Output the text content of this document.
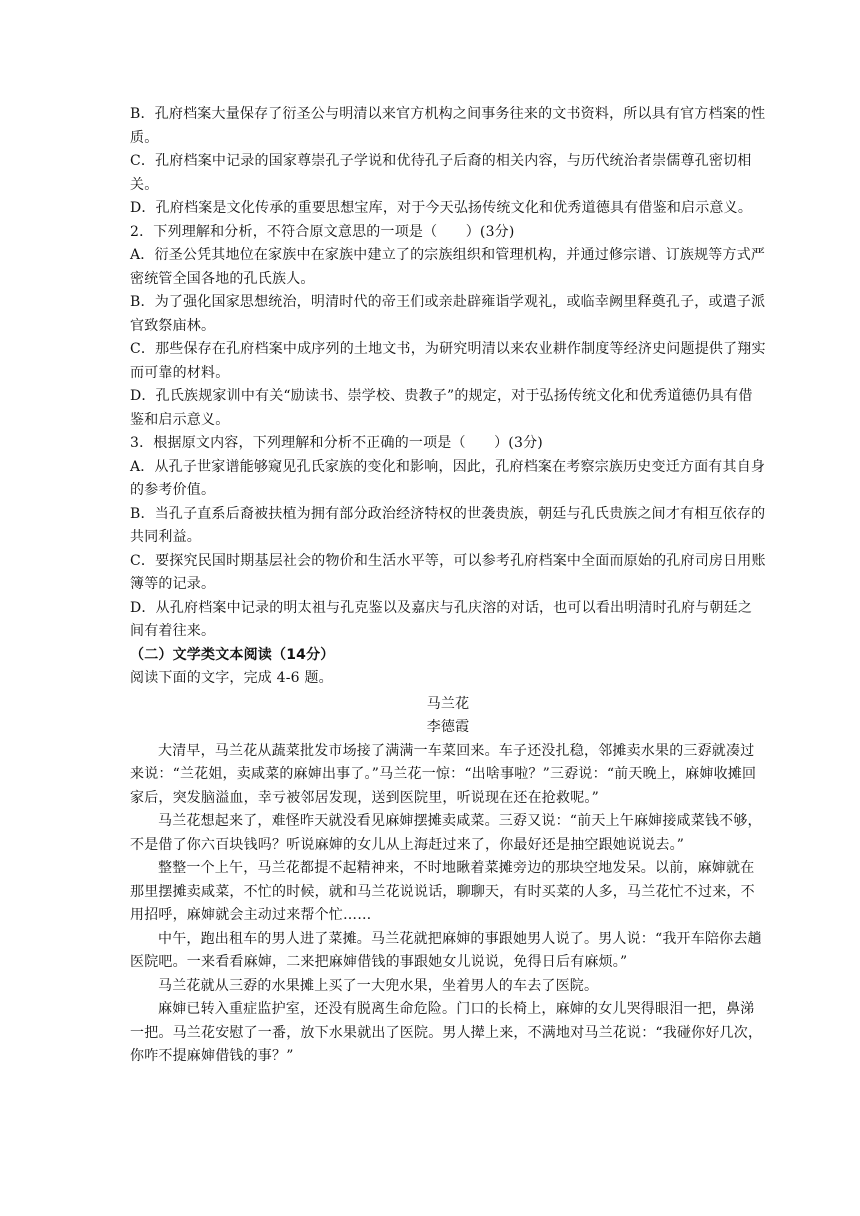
B．孔府档案大量保存了衍圣公与明清以来官方机构之间事务往来的文书资料，所以具有官方档案的性质。

C．孔府档案中记录的国家尊崇孔子学说和优待孔子后裔的相关内容，与历代统治者崇儒尊孔密切相关。

D．孔府档案是文化传承的重要思想宝库，对于今天弘扬传统文化和优秀道德具有借鉴和启示意义。

2．下列理解和分析，不符合原文意思的一项是（　　）(3分)

A．衍圣公凭其地位在家族中在家族中建立了的宗族组织和管理机构，并通过修宗谱、订族规等方式严密统管全国各地的孔氏族人。

B．为了强化国家思想统治，明清时代的帝王们或亲赴辟雍诣学观礼，或临幸阙里释奠孔子，或遣子派官致祭庙林。

C．那些保存在孔府档案中成序列的土地文书，为研究明清以来农业耕作制度等经济史问题提供了翔实而可靠的材料。

D．孔氏族规家训中有关“励读书、崇学校、贵教子”的规定，对于弘扬传统文化和优秀道德仍具有借鉴和启示意义。

3．根据原文内容，下列理解和分析不正确的一项是（　　）(3分)

A．从孔子世家谱能够窥见孔氏家族的变化和影响，因此，孔府档案在考察宗族历史变迁方面有其自身的参考价值。

B．当孔子直系后裔被扶植为拥有部分政治经济特权的世袭贵族，朝廷与孔氏贵族之间才有相互依存的共同利益。

C．要探究民国时期基层社会的物价和生活水平等，可以参考孔府档案中全面而原始的孔府司房日用账簿等的记录。

D．从孔府档案中记录的明太祖与孔克鉴以及嘉庆与孔庆溶的对话，也可以看出明清时孔府与朝廷之间有着往来。

（二）文学类文本阅读（14分）

阅读下面的文字，完成 4-6 题。

马兰花

李德霞

大清早，马兰花从蔬菜批发市场接了满满一车菜回来。车子还没扎稳，邻摊卖水果的三孬就凑过来说：“兰花姐，卖咸菜的麻婶出事了。”马兰花一惊：“出啥事啦？”三孬说：“前天晚上，麻婶收摊回家后，突发脑溢血，幸亏被邻居发现，送到医院里，听说现在还在抢救呢。”

马兰花想起来了，难怪昨天就没看见麻婶摆摊卖咸菜。三孬又说：“前天上午麻婶接咸菜钱不够，不是借了你六百块钱吗？听说麻婶的女儿从上海赶过来了，你最好还是抽空跟她说说去。”

整整一个上午，马兰花都提不起精神来，不时地瞅着菜摊旁边的那块空地发呆。以前，麻婶就在那里摆摊卖咸菜，不忙的时候，就和马兰花说说话，聊聊天，有时买菜的人多，马兰花忙不过来，不用招呼，麻婶就会主动过来帮个忙……

中午，跑出租车的男人进了菜摊。马兰花就把麻婶的事跟她男人说了。男人说：“我开车陪你去趟医院吧。一来看看麻婶，二来把麻婶借钱的事跟她女儿说说，免得日后有麻烦。”

马兰花就从三孬的水果摊上买了一大兜水果，坐着男人的车去了医院。

麻婶已转入重症监护室，还没有脱离生命危险。门口的长椅上，麻婶的女儿哭得眼泪一把，鼻涕一把。马兰花安慰了一番，放下水果就出了医院。男人撵上来，不满地对马兰花说：“我碰你好几次，你咋不提麻婶借钱的事？”
